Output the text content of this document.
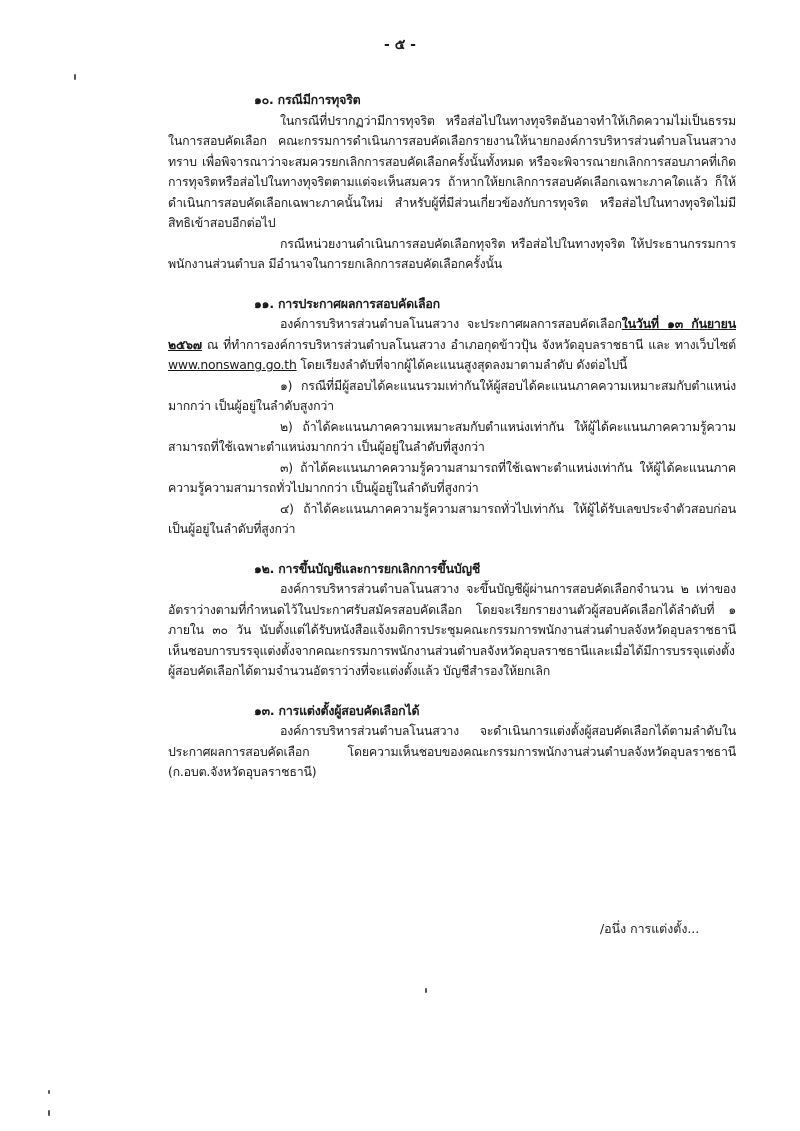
- ๕ -

๑๐. กรณีมีการทุจริต

ในกรณีที่ปรากฏว่ามีการทุจริต หรือส่อไปในทางทุจริตอันอาจทำให้เกิดความไม่เป็นธรรมในการสอบคัดเลือก คณะกรรมการดำเนินการสอบคัดเลือกรายงานให้นายกองค์การบริหารส่วนตำบลโนนสวาง ทราบ เพื่อพิจารณาว่าจะสมควรยกเลิกการสอบคัดเลือกครั้งนั้นทั้งหมด หรือจะพิจารณายกเลิกการสอบภาคที่เกิดการทุจริตหรือส่อไปในทางทุจริตตามแต่จะเห็นสมควร ถ้าหากให้ยกเลิกการสอบคัดเลือกเฉพาะภาคใดแล้ว ก็ให้ดำเนินการสอบคัดเลือกเฉพาะภาคนั้นใหม่ สำหรับผู้ที่มีส่วนเกี่ยวข้องกับการทุจริต หรือส่อไปในทางทุจริตไม่มีสิทธิเข้าสอบอีกต่อไป

กรณีหน่วยงานดำเนินการสอบคัดเลือกทุจริต หรือส่อไปในทางทุจริต ให้ประธานกรรมการพนักงานส่วนตำบล มีอำนาจในการยกเลิกการสอบคัดเลือกครั้งนั้น

๑๑. การประกาศผลการสอบคัดเลือก

องค์การบริหารส่วนตำบลโนนสวาง จะประกาศผลการสอบคัดเลือกในวันที่ ๑๓ กันยายน ๒๕๖๗ ณ ที่ทำการองค์การบริหารส่วนตำบลโนนสวาง อำเภอกุดข้าวปุ้น จังหวัดอุบลราชธานี และ ทางเว็บไซต์ www.nonswang.go.th โดยเรียงลำดับที่จากผู้ได้คะแนนสูงสุดลงมาตามลำดับ ดังต่อไปนี้

๑) กรณีที่มีผู้สอบได้คะแนนรวมเท่ากันให้ผู้สอบได้คะแนนภาคความเหมาะสมกับตำแหน่งมากกว่า เป็นผู้อยู่ในลำดับสูงกว่า

๒) ถ้าได้คะแนนภาคความเหมาะสมกับตำแหน่งเท่ากัน ให้ผู้ได้คะแนนภาคความรู้ความสามารถที่ใช้เฉพาะตำแหน่งมากกว่า เป็นผู้อยู่ในลำดับที่สูงกว่า

๓) ถ้าได้คะแนนภาคความรู้ความสามารถที่ใช้เฉพาะตำแหน่งเท่ากัน ให้ผู้ได้คะแนนภาคความรู้ความสามารถทั่วไปมากกว่า เป็นผู้อยู่ในลำดับที่สูงกว่า

๔) ถ้าได้คะแนนภาคความรู้ความสามารถทั่วไปเท่ากัน ให้ผู้ได้รับเลขประจำตัวสอบก่อนเป็นผู้อยู่ในลำดับที่สูงกว่า

๑๒. การขึ้นบัญชีและการยกเลิกการขึ้นบัญชี

องค์การบริหารส่วนตำบลโนนสวาง จะขึ้นบัญชีผู้ผ่านการสอบคัดเลือกจำนวน ๒ เท่าของอัตราว่างตามที่กำหนดไว้ในประกาศรับสมัครสอบคัดเลือก โดยจะเรียกรายงานตัวผู้สอบคัดเลือกได้ลำดับที่ ๑ ภายใน ๓๐ วัน นับตั้งแต่ได้รับหนังสือแจ้งมติการประชุมคณะกรรมการพนักงานส่วนตำบลจังหวัดอุบลราชธานี เห็นชอบการบรรจุแต่งตั้งจากคณะกรรมการพนักงานส่วนตำบลจังหวัดอุบลราชธานีและเมื่อได้มีการบรรจุแต่งตั้งผู้สอบคัดเลือกได้ตามจำนวนอัตราว่างที่จะแต่งตั้งแล้ว บัญชีสำรองให้ยกเลิก

๑๓. การแต่งตั้งผู้สอบคัดเลือกได้

องค์การบริหารส่วนตำบลโนนสวาง จะดำเนินการแต่งตั้งผู้สอบคัดเลือกได้ตามลำดับในประกาศผลการสอบคัดเลือก โดยความเห็นชอบของคณะกรรมการพนักงานส่วนตำบลจังหวัดอุบลราชธานี (ก.อบต.จังหวัดอุบลราชธานี)

/อนึ่ง การแต่งตั้ง...
